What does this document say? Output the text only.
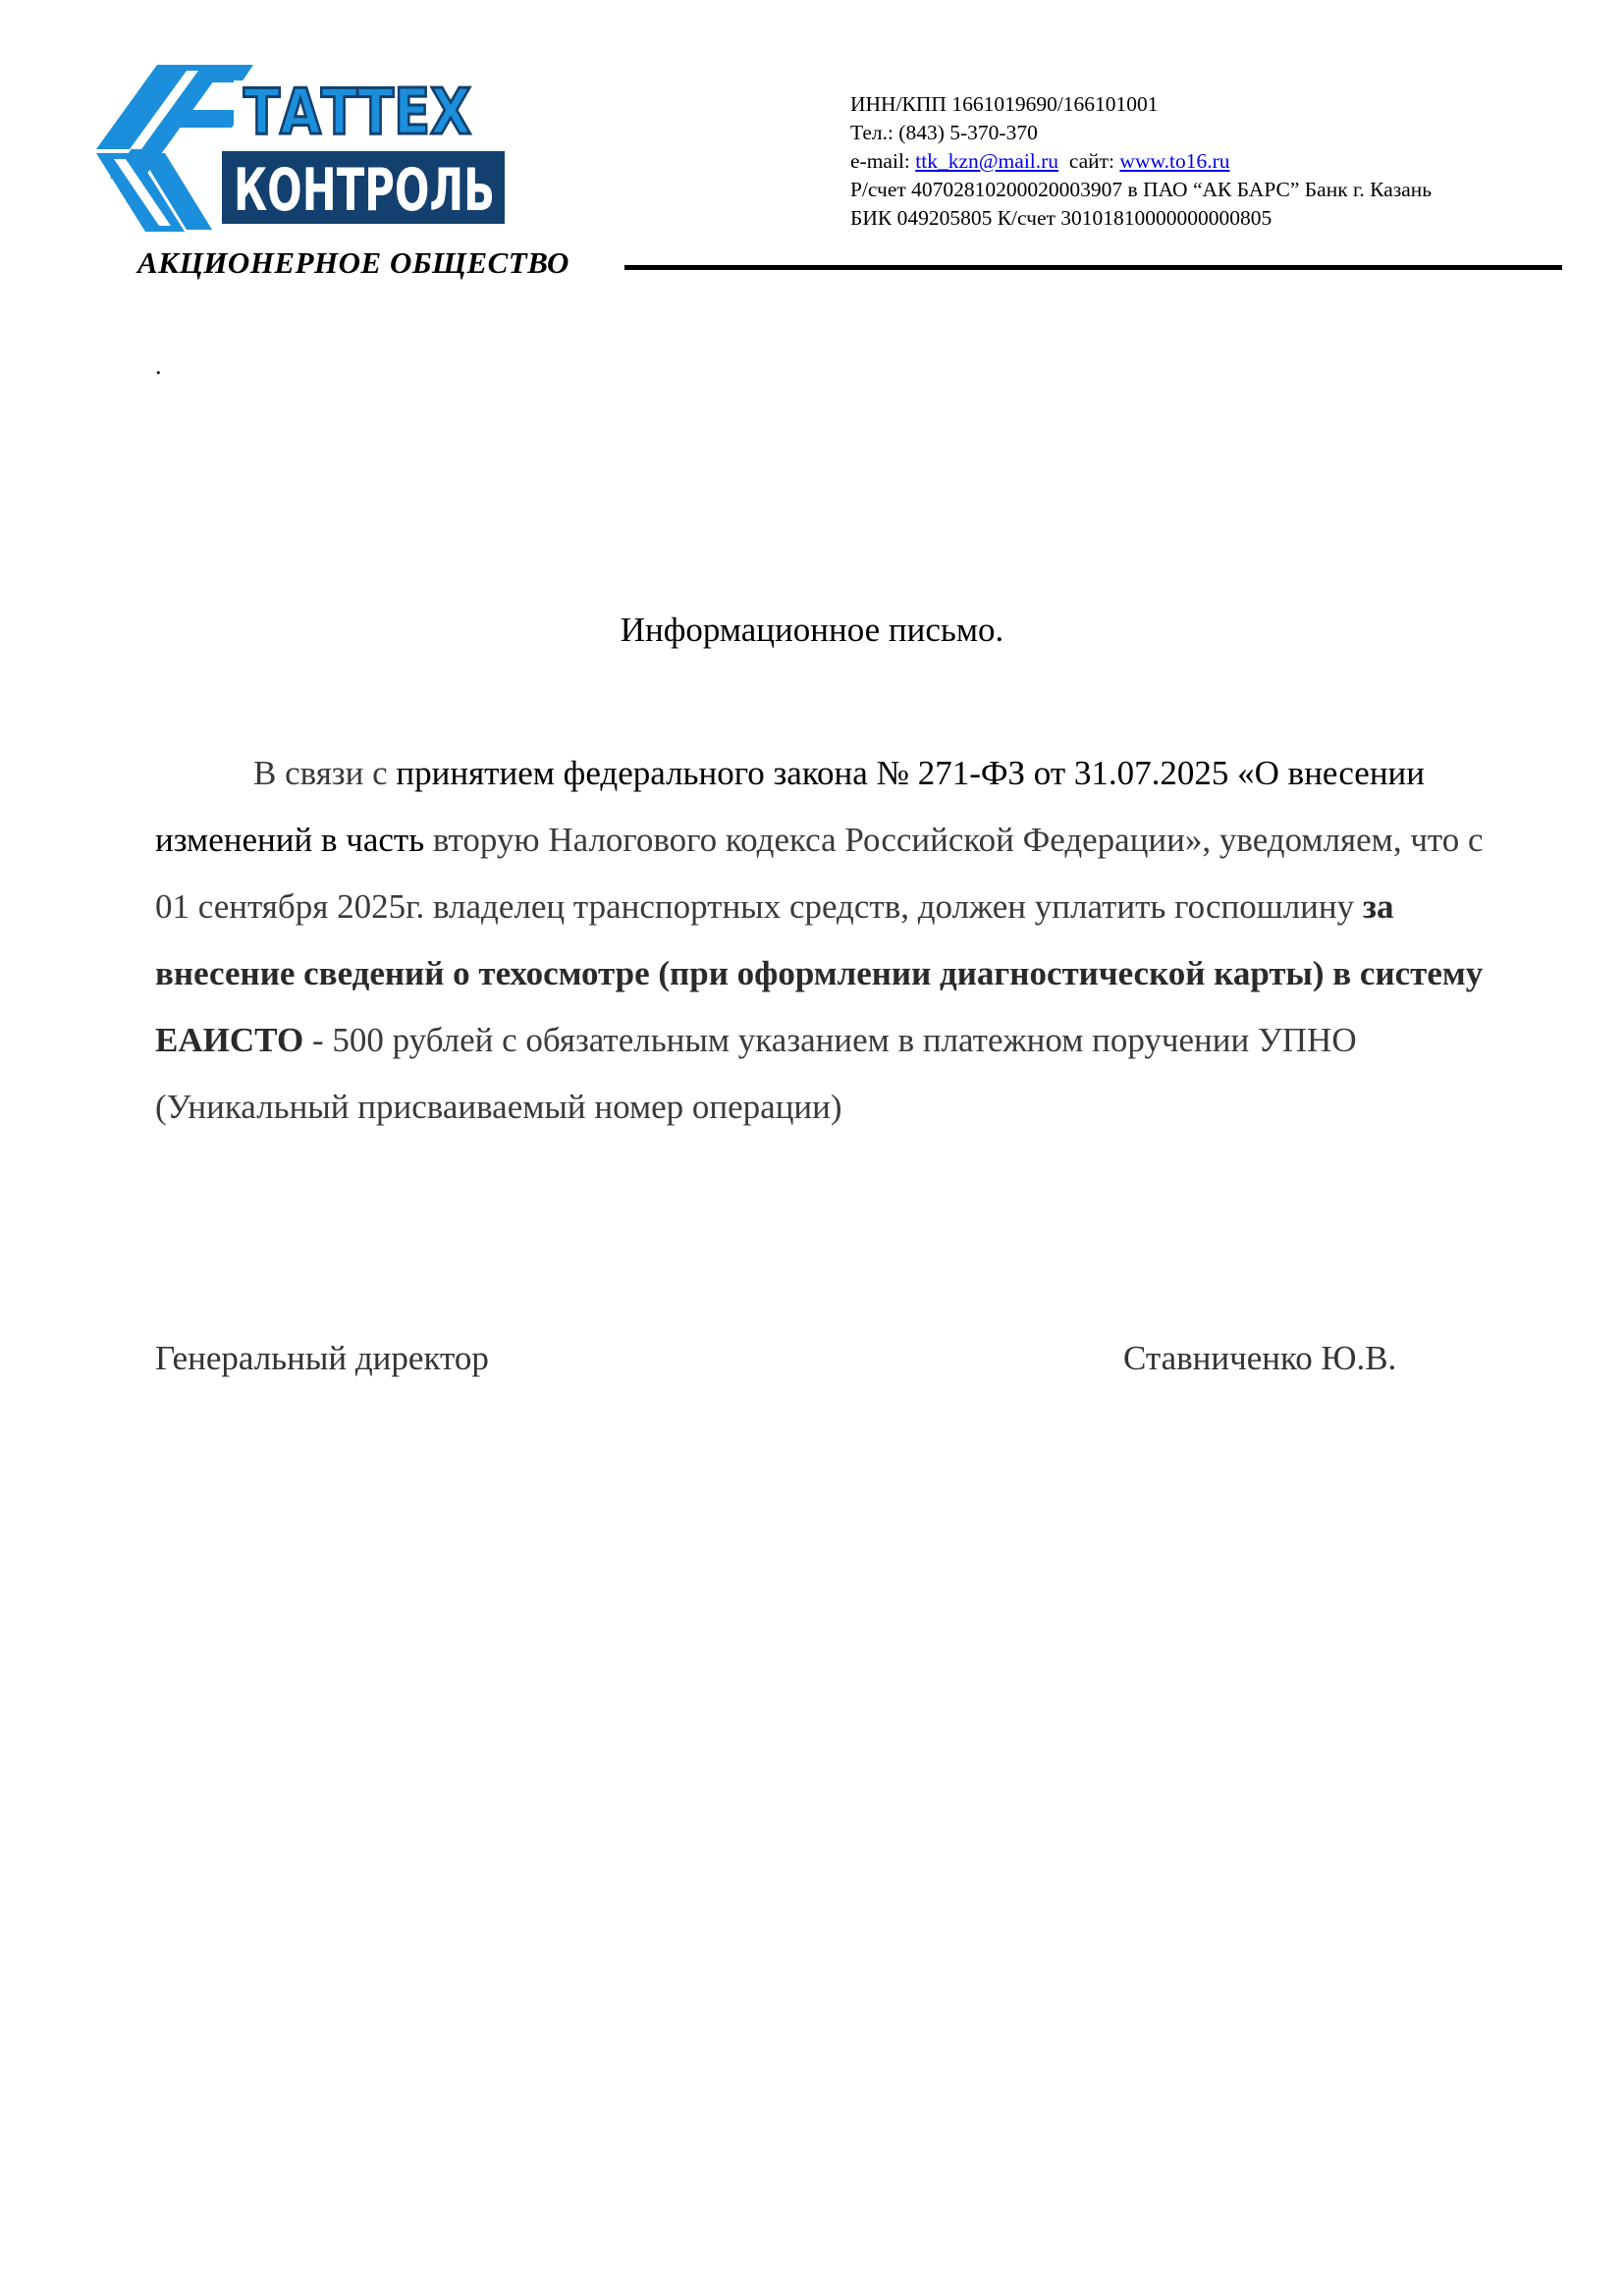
ТАТТЕХ
КОНТРОЛЬ
АКЦИОНЕРНОЕ ОБЩЕСТВО
ИНН/КПП 1661019690/166101001
Тел.: (843) 5-370-370
e-mail: ttk_kzn@mail.ru сайт: www.to16.ru
Р/счет 40702810200020003907 в ПАО “АК БАРС” Банк г. Казань
БИК 049205805 К/счет 30101810000000000805
.
Информационное письмо.
В связи с принятием федерального закона № 271-ФЗ от 31.07.2025 «О внесении изменений в часть вторую Налогового кодекса Российской Федерации», уведомляем, что с 01 сентября 2025г. владелец транспортных средств, должен уплатить госпошлину за внесение сведений о техосмотре (при оформлении диагностической карты) в систему ЕАИСТО - 500 рублей с обязательным указанием в платежном поручении УПНО (Уникальный присваиваемый номер операции)
Генеральный директор	Ставниченко Ю.В.
